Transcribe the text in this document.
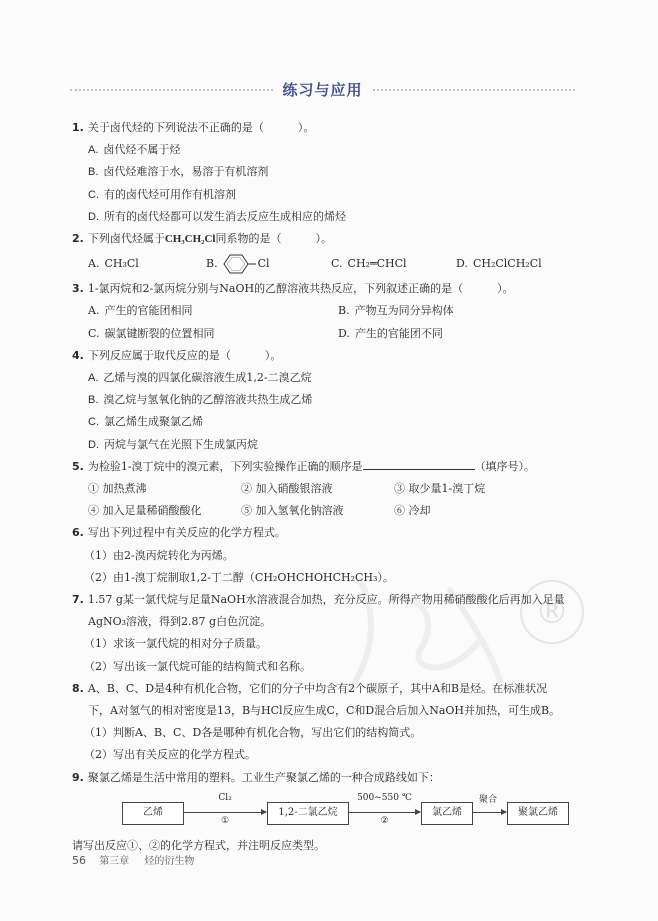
练习与应用
®
1. 关于卤代烃的下列说法不正确的是（	）。
A. 卤代烃不属于烃
B. 卤代烃难溶于水，易溶于有机溶剂
C. 有的卤代烃可用作有机溶剂
D. 所有的卤代烃都可以发生消去反应生成相应的烯烃
2. 下列卤代烃属于CH₃CH₂Cl同系物的是（	）。
A. CH₃Cl	B.	Cl	C. CH₂═CHCl	D. CH₂ClCH₂Cl
3. 1-氯丙烷和2-氯丙烷分别与NaOH的乙醇溶液共热反应，下列叙述正确的是（	）。
A. 产生的官能团相同	B. 产物互为同分异构体
C. 碳氯键断裂的位置相同	D. 产生的官能团不同
4. 下列反应属于取代反应的是（	）。
A. 乙烯与溴的四氯化碳溶液生成1,2-二溴乙烷
B. 溴乙烷与氢氧化钠的乙醇溶液共热生成乙烯
C. 氯乙烯生成聚氯乙烯
D. 丙烷与氯气在光照下生成氯丙烷
5. 为检验1-溴丁烷中的溴元素，下列实验操作正确的顺序是	（填序号）。
① 加热煮沸	② 加入硝酸银溶液	③ 取少量1-溴丁烷
④ 加入足量稀硝酸酸化	⑤ 加入氢氧化钠溶液	⑥ 冷却
6. 写出下列过程中有关反应的化学方程式。
（1）由2-溴丙烷转化为丙烯。
（2）由1-溴丁烷制取1,2-丁二醇（CH₂OHCHOHCH₂CH₃）。
7. 1.57 g某一氯代烷与足量NaOH水溶液混合加热，充分反应。所得产物用稀硝酸酸化后再加入足量
AgNO₃溶液，得到2.87 g白色沉淀。
（1）求该一氯代烷的相对分子质量。
（2）写出该一氯代烷可能的结构简式和名称。
8. A、B、C、D是4种有机化合物，它们的分子中均含有2个碳原子，其中A和B是烃。在标准状况
下，A对氢气的相对密度是13，B与HCl反应生成C，C和D混合后加入NaOH并加热，可生成B。
（1）判断A、B、C、D各是哪种有机化合物，写出它们的结构简式。
（2）写出有关反应的化学方程式。
9. 聚氯乙烯是生活中常用的塑料。工业生产聚氯乙烯的一种合成路线如下：
乙烯
Cl₂
①
1,2-二氯乙烷
500~550 ℃
②
氯乙烯
聚合
聚氯乙烯
请写出反应①、②的化学方程式，并注明反应类型。
56 第三章 烃的衍生物
